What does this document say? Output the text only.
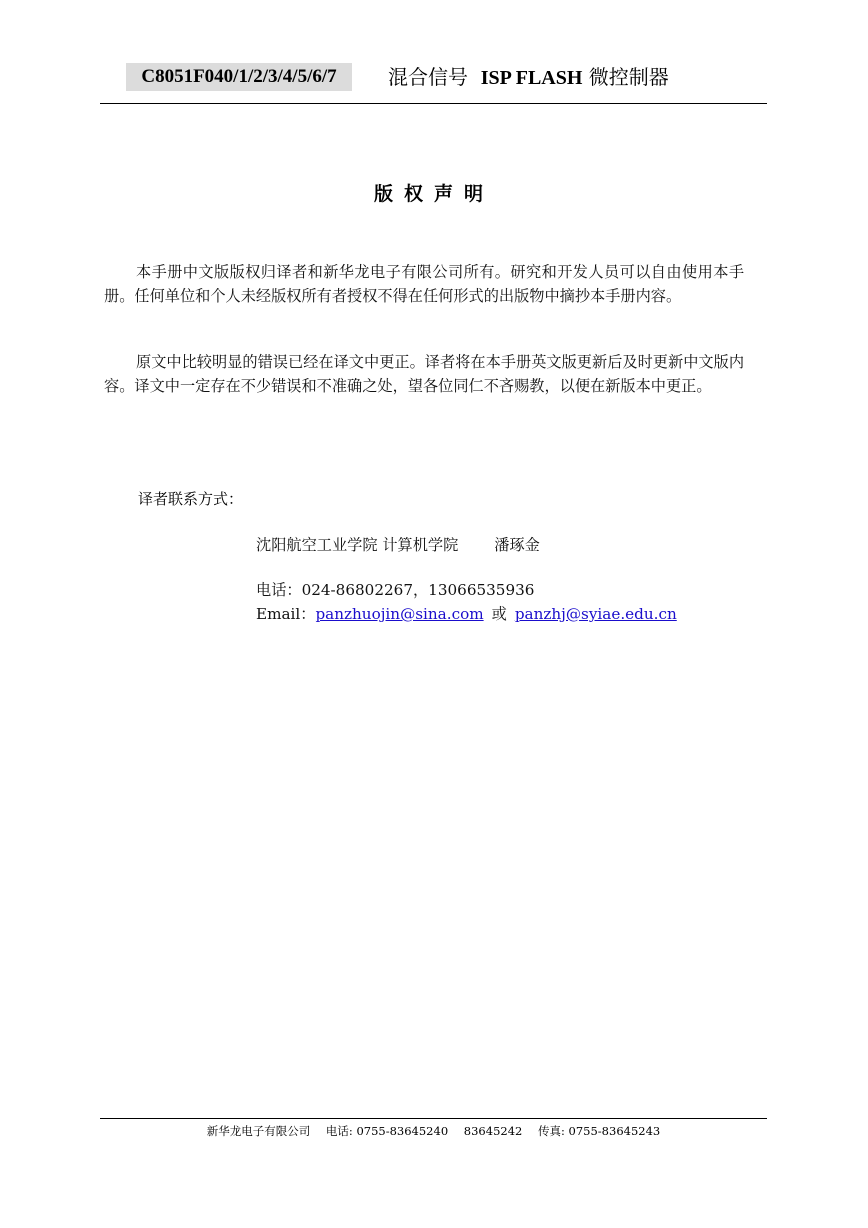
C8051F040/1/2/3/4/5/6/7	混合信号 ISP FLASH 微控制器
版权声明

本手册中文版版权归译者和新华龙电子有限公司所有。研究和开发人员可以自由使用本手册。任何单位和个人未经版权所有者授权不得在任何形式的出版物中摘抄本手册内容。

原文中比较明显的错误已经在译文中更正。译者将在本手册英文版更新后及时更新中文版内容。译文中一定存在不少错误和不准确之处，望各位同仁不吝赐教，以便在新版本中更正。

译者联系方式：
沈阳航空工业学院 计算机学院 潘琢金
电话：024-86802267，13066535936
Email：panzhuojin@sina.com 或 panzhj@syiae.edu.cn
新华龙电子有限公司 电话: 0755-83645240 83645242 传真: 0755-83645243
